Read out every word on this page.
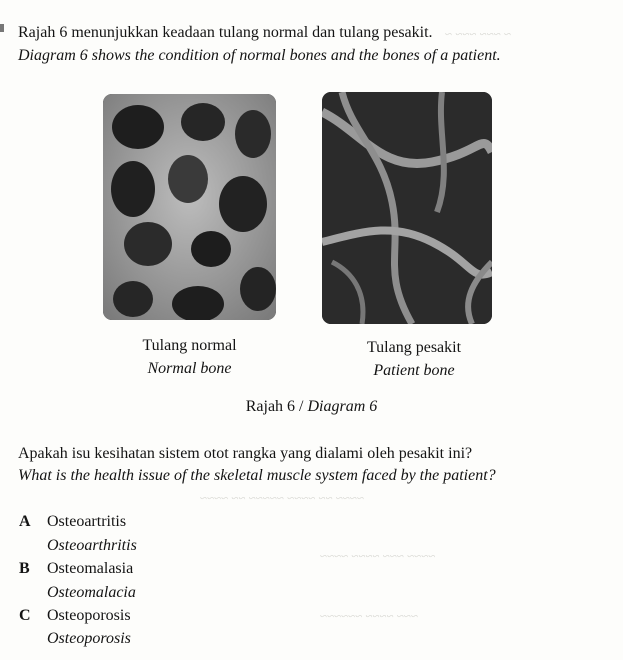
~ ~~~ ~~~ ~
~~~~ ~~ ~~~~ ~~~~~ ~~ ~~~~
~~~~ ~~~ ~~~~ ~~~~
~~~ ~~~~ ~~~~~~
Rajah 6 menunjukkan keadaan tulang normal dan tulang pesakit.
Diagram 6 shows the condition of normal bones and the bones of a patient.
Tulang normal
Normal bone
Tulang pesakit
Patient bone
Rajah 6 / Diagram 6
Apakah isu kesihatan sistem otot rangka yang dialami oleh pesakit ini?
What is the health issue of the skeletal muscle system faced by the patient?
A Osteoartritis
Osteoarthritis
B Osteomalasia
Osteomalacia
C Osteoporosis
Osteoporosis
